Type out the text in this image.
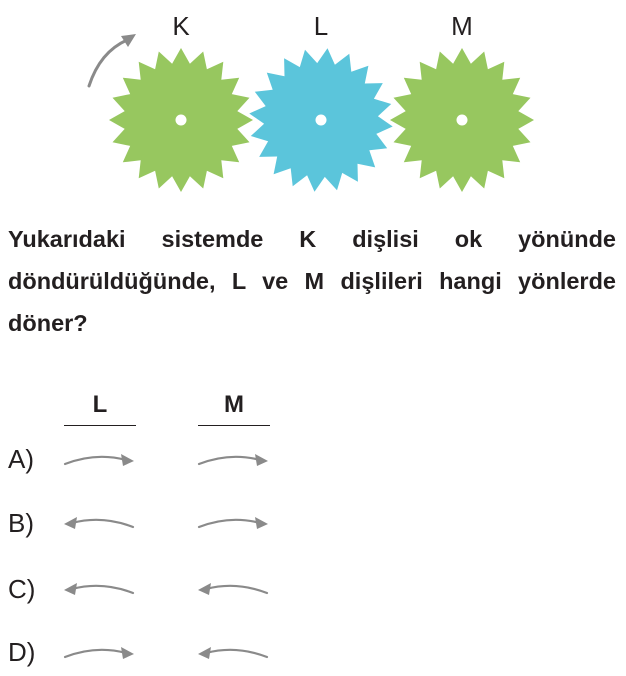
K	L	M
Yukarıdaki sistemde K dişlisi ok yönünde döndürüldüğünde, L ve M dişlileri hangi yönlerde döner?
L	M
A)
B)
C)
D)
